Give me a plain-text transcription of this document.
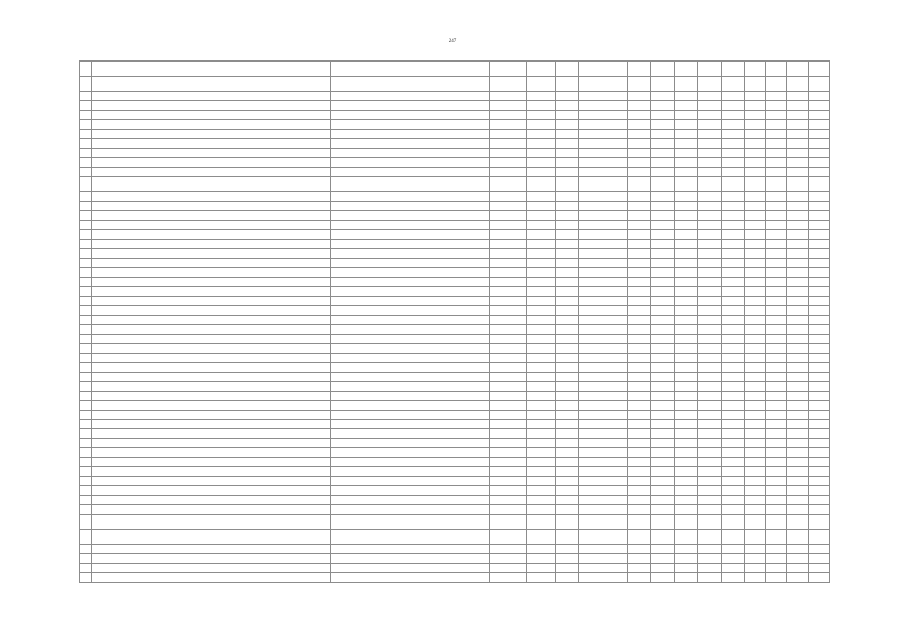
247
